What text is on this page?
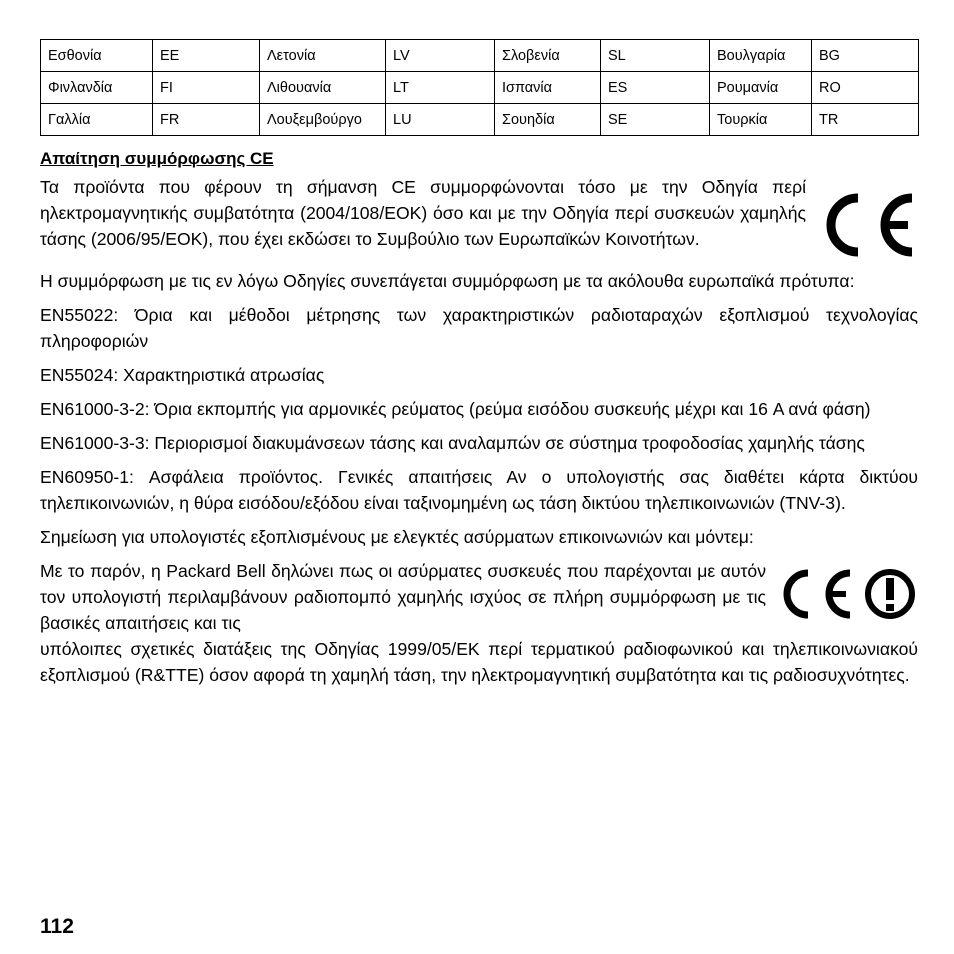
Εσθονία	EE	Λετονία	LV	Σλοβενία	SL	Βουλγαρία	BG
Φινλανδία	FI	Λιθουανία	LT	Ισπανία	ES	Ρουμανία	RO
Γαλλία	FR	Λουξεμβούργο	LU	Σουηδία	SE	Τουρκία	TR
Απαίτηση συμμόρφωσης CE

Τα προϊόντα που φέρουν τη σήμανση CE συμμορφώνονται τόσο με την Οδηγία περί ηλεκτρομαγνητικής συμβατότητα (2004/108/ΕΟΚ) όσο και με την Οδηγία περί συσκευών χαμηλής τάσης (2006/95/ΕΟΚ), που έχει εκδώσει το Συμβούλιο των Ευρωπαϊκών Κοινοτήτων.

Η συμμόρφωση με τις εν λόγω Οδηγίες συνεπάγεται συμμόρφωση με τα ακόλουθα ευρωπαϊκά πρότυπα:

EN55022: Όρια και μέθοδοι μέτρησης των χαρακτηριστικών ραδιοταραχών εξοπλισμού τεχνολογίας πληροφοριών

EN55024: Χαρακτηριστικά ατρωσίας

EN61000-3-2: Όρια εκπομπής για αρμονικές ρεύματος (ρεύμα εισόδου συσκευής μέχρι και 16 A ανά φάση)

EN61000-3-3: Περιορισμοί διακυμάνσεων τάσης και αναλαμπών σε σύστημα τροφοδοσίας χαμηλής τάσης

EN60950-1: Ασφάλεια προϊόντος. Γενικές απαιτήσεις Αν ο υπολογιστής σας διαθέτει κάρτα δικτύου τηλεπικοινωνιών, η θύρα εισόδου/εξόδου είναι ταξινομημένη ως τάση δικτύου τηλεπικοινωνιών (TNV-3).

Σημείωση για υπολογιστές εξοπλισμένους με ελεγκτές ασύρματων επικοινωνιών και μόντεμ:

Με το παρόν, η Packard Bell δηλώνει πως οι ασύρματες συσκευές που παρέχονται με αυτόν τον υπολογιστή περιλαμβάνουν ραδιοπομπό χαμηλής ισχύος σε πλήρη συμμόρφωση με τις βασικές απαιτήσεις και τις

υπόλοιπες σχετικές διατάξεις της Οδηγίας 1999/05/ΕΚ περί τερματικού ραδιοφωνικού και τηλεπικοινωνιακού εξοπλισμού (R&TTE) όσον αφορά τη χαμηλή τάση, την ηλεκτρομαγνητική συμβατότητα και τις ραδιοσυχνότητες.

112
